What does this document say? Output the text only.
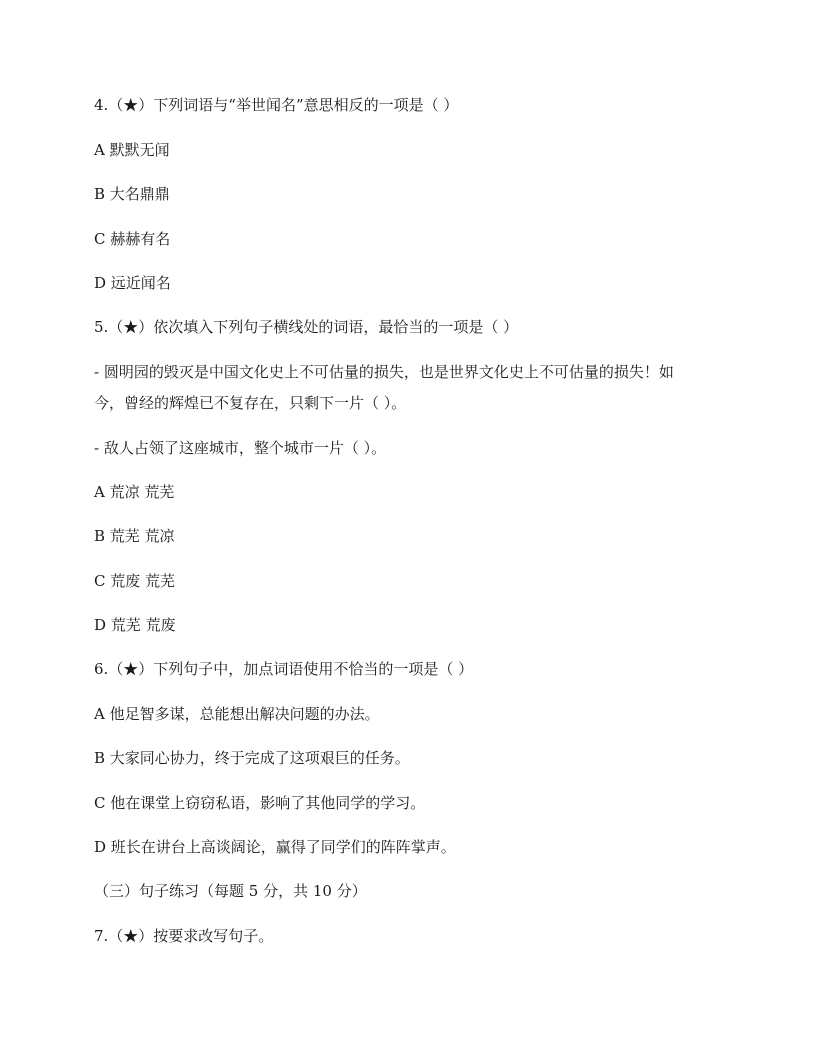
4.（★）下列词语与“举世闻名”意思相反的一项是（ ）
A 默默无闻
B 大名鼎鼎
C 赫赫有名
D 远近闻名
5.（★）依次填入下列句子横线处的词语，最恰当的一项是（ ）
- 圆明园的毁灭是中国文化史上不可估量的损失，也是世界文化史上不可估量的损失！如
今，曾经的辉煌已不复存在，只剩下一片（ ）。
- 敌人占领了这座城市，整个城市一片（ ）。
A 荒凉 荒芜
B 荒芜 荒凉
C 荒废 荒芜
D 荒芜 荒废
6.（★）下列句子中，加点词语使用不恰当的一项是（ ）
A 他足智多谋，总能想出解决问题的办法。
B 大家同心协力，终于完成了这项艰巨的任务。
C 他在课堂上窃窃私语，影响了其他同学的学习。
D 班长在讲台上高谈阔论，赢得了同学们的阵阵掌声。
（三）句子练习（每题 5 分，共 10 分）
7.（★）按要求改写句子。
